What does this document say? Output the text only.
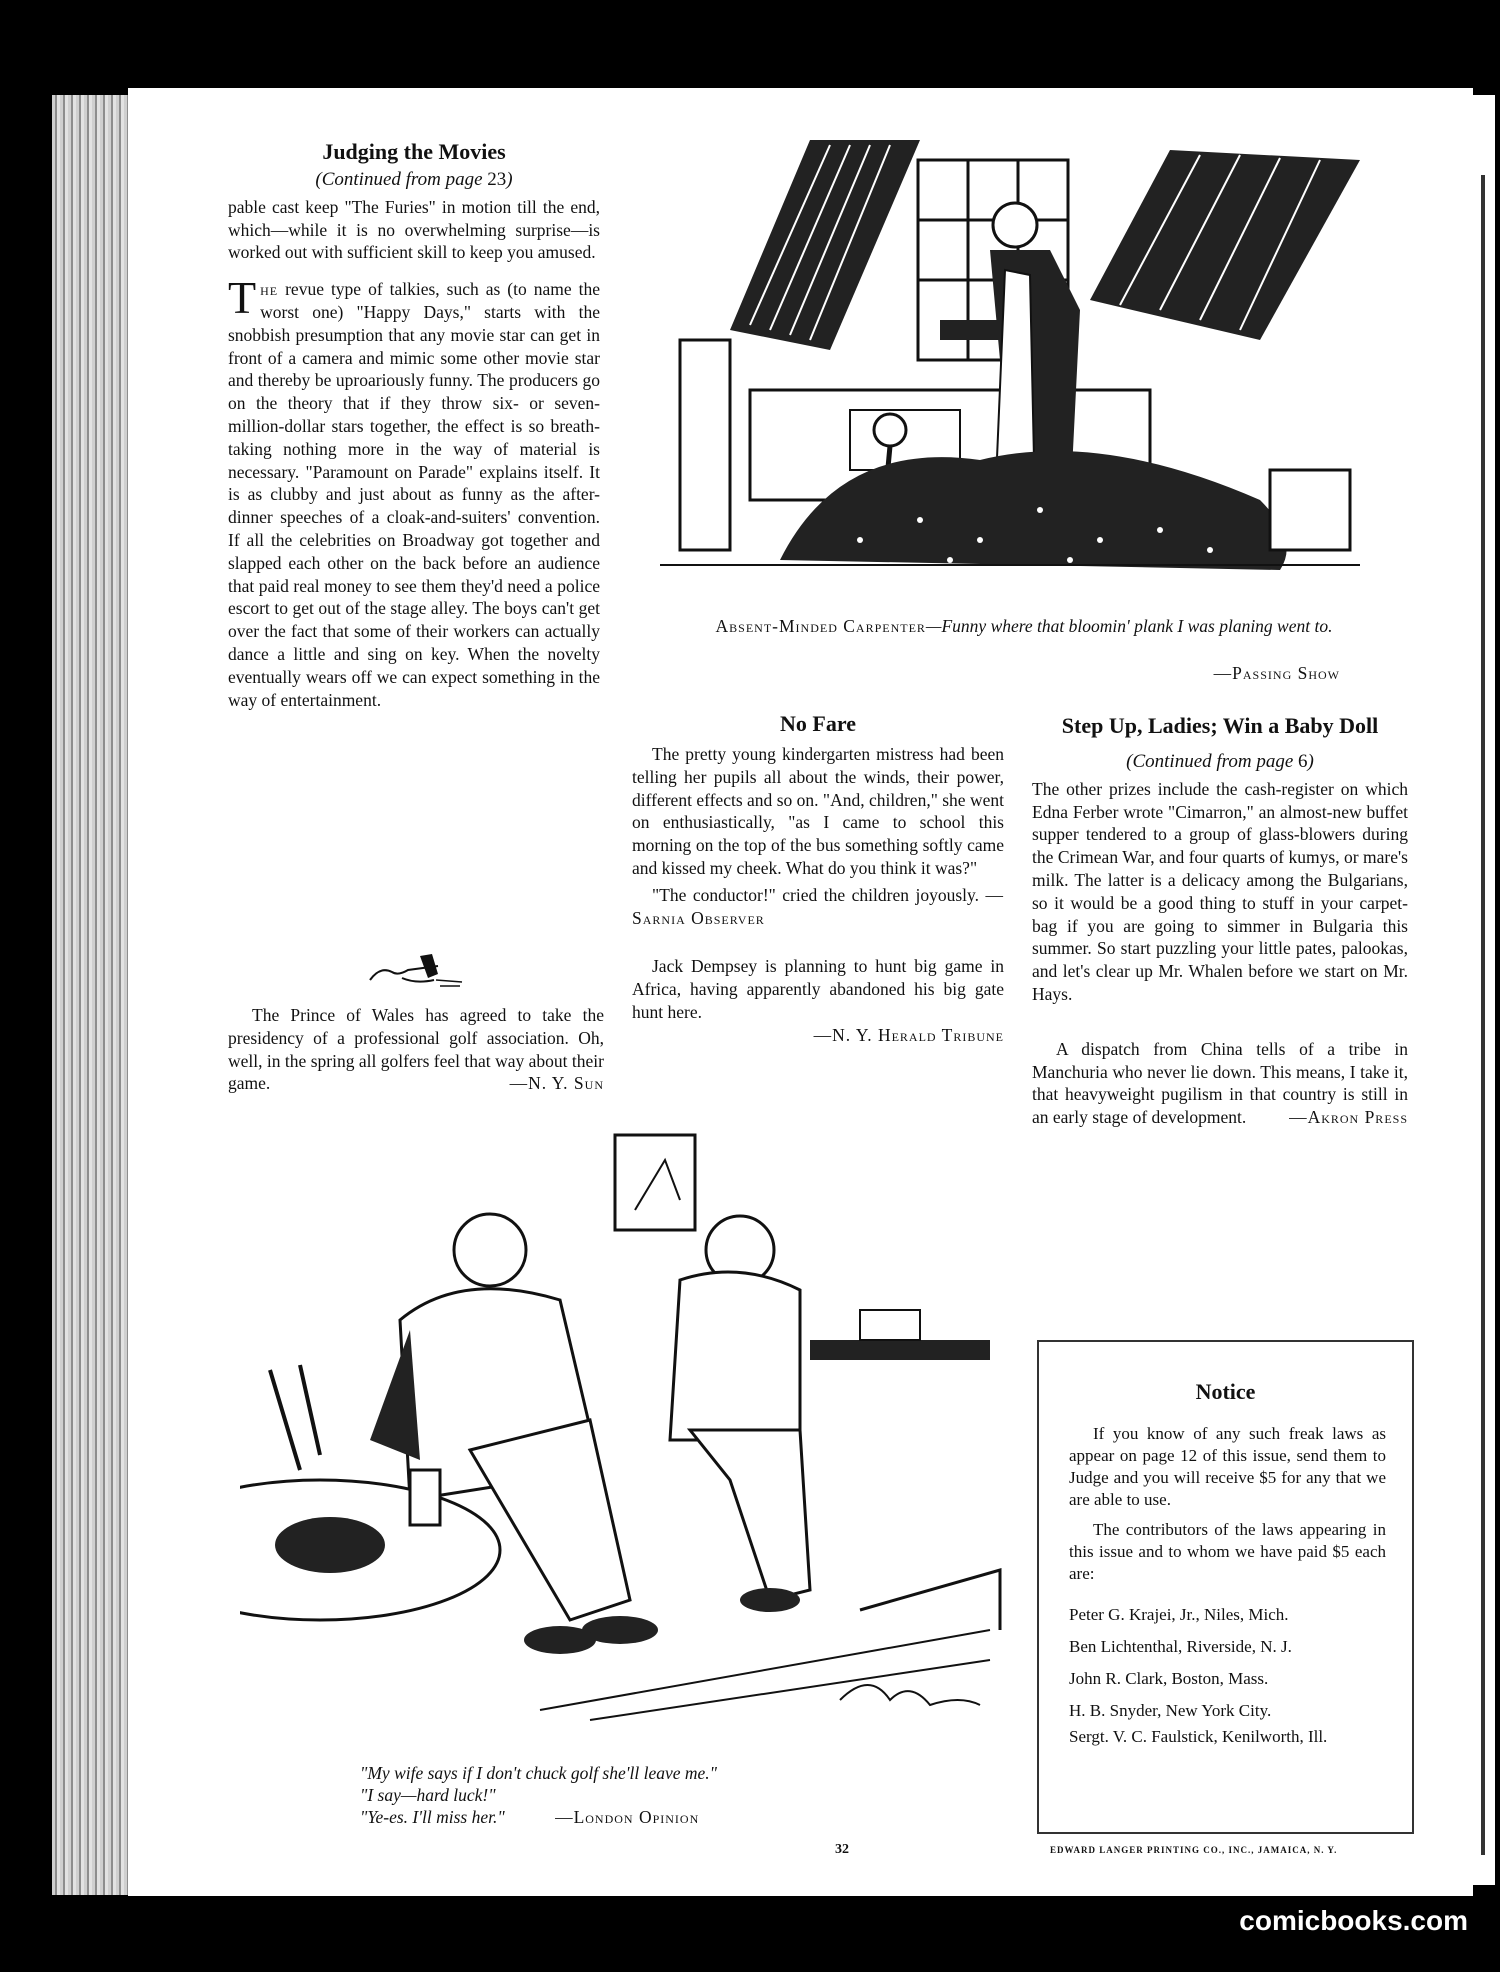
Judging the Movies
(Continued from page 23)

pable cast keep "The Furies" in motion till the end, which—while it is no overwhelming surprise—is worked out with sufficient skill to keep you amused.

The revue type of talkies, such as (to name the worst one) "Happy Days," starts with the snobbish presumption that any movie star can get in front of a camera and mimic some other movie star and thereby be uproariously funny. The producers go on the theory that if they throw six- or seven-million-dollar stars together, the effect is so breath-taking nothing more in the way of material is necessary. "Paramount on Parade" explains itself. It is as clubby and just about as funny as the after-dinner speeches of a cloak-and-suiters' convention. If all the celebrities on Broadway got together and slapped each other on the back before an audience that paid real money to see them they'd need a police escort to get out of the stage alley. The boys can't get over the fact that some of their workers can actually dance a little and sing on key. When the novelty eventually wears off we can expect something in the way of entertainment.

The Prince of Wales has agreed to take the presidency of a professional golf association. Oh, well, in the spring all golfers feel that way about their game.	—N. Y. Sun

Absent-Minded Carpenter—Funny where that bloomin' plank I was planing went to.
—Passing Show
No Fare

The pretty young kindergarten mistress had been telling her pupils all about the winds, their power, different effects and so on. "And, children," she went on enthusiastically, "as I came to school this morning on the top of the bus something softly came and kissed my cheek. What do you think it was?"

"The conductor!" cried the children joyously. —Sarnia Observer

Jack Dempsey is planning to hunt big game in Africa, having apparently abandoned his big gate hunt here.

—N. Y. Herald Tribune

Step Up, Ladies; Win a Baby Doll
(Continued from page 6)

The other prizes include the cash-register on which Edna Ferber wrote "Cimarron," an almost-new buffet supper tendered to a group of glass-blowers during the Crimean War, and four quarts of kumys, or mare's milk. The latter is a delicacy among the Bulgarians, so it would be a good thing to stuff in your carpet-bag if you are going to simmer in Bulgaria this summer. So start puzzling your little pates, palookas, and let's clear up Mr. Whalen before we start on Mr. Hays.

A dispatch from China tells of a tribe in Manchuria who never lie down. This means, I take it, that heavyweight pugilism in that country is still in an early stage of development.	—Akron Press

"My wife says if I don't chuck golf she'll leave me."
"I say—hard luck!"
"Ye-es. I'll miss her."	—London Opinion
Notice

If you know of any such freak laws as appear on page 12 of this issue, send them to Judge and you will receive $5 for any that we are able to use.

The contributors of the laws appearing in this issue and to whom we have paid $5 each are:

Peter G. Krajei, Jr., Niles, Mich.
Ben Lichtenthal, Riverside, N. J.
John R. Clark, Boston, Mass.
H. B. Snyder, New York City.
Sergt. V. C. Faulstick, Kenilworth, Ill.
32	EDWARD LANGER PRINTING CO., INC., JAMAICA, N. Y.
comicbooks.com
